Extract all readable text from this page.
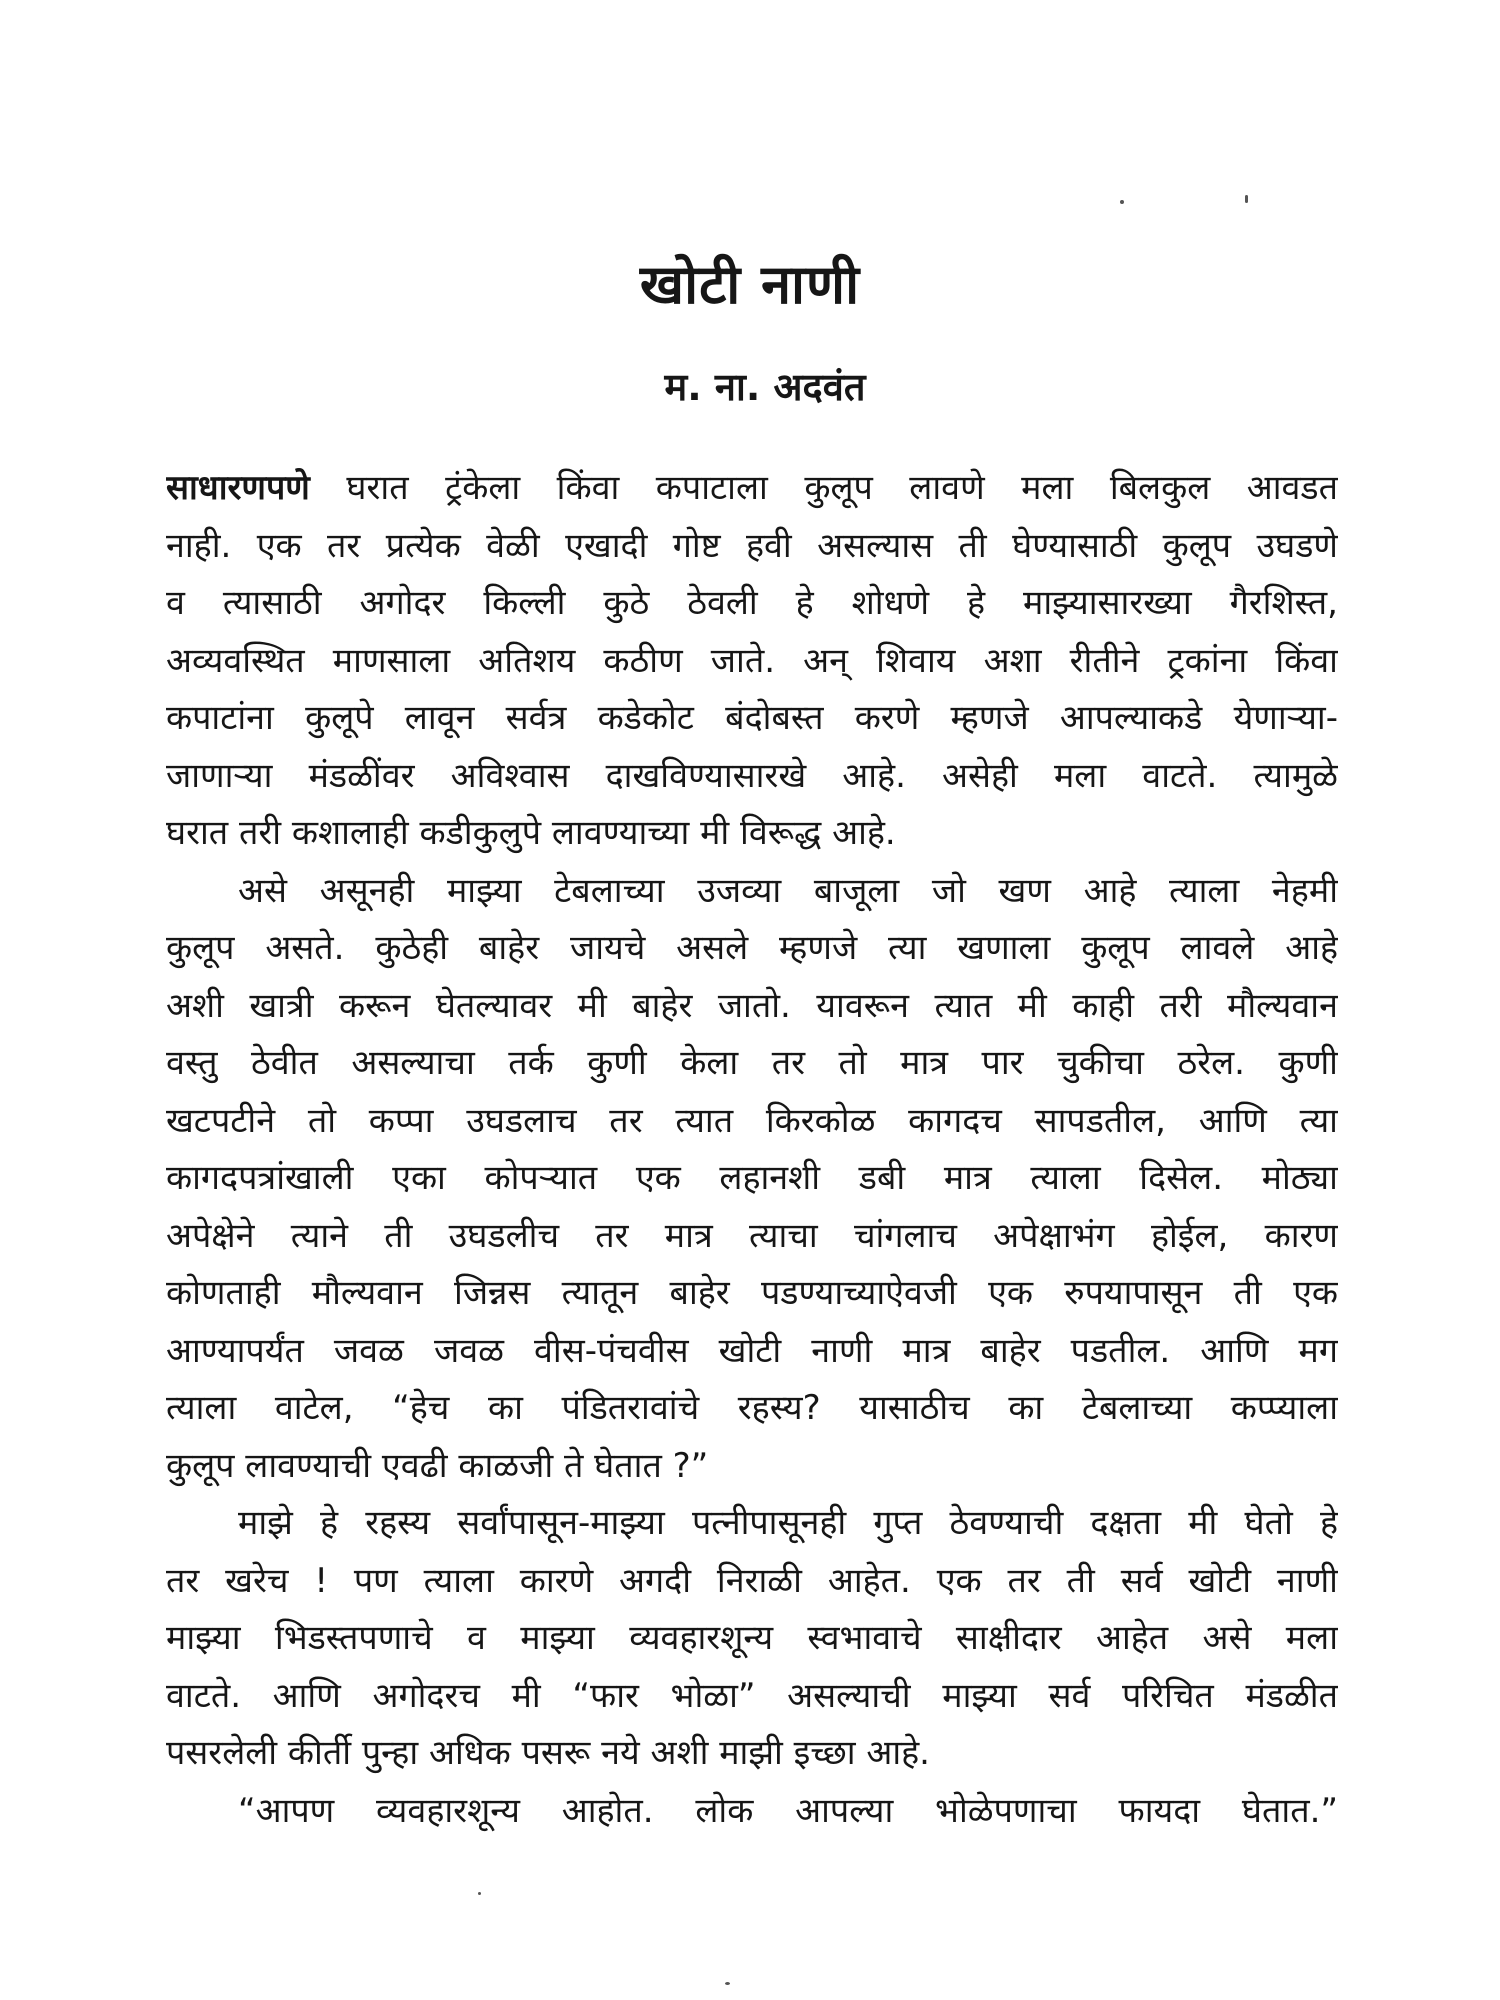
खोटी नाणी
म. ना. अदवंत
साधारणपणे घरात ट्रंकेला किंवा कपाटाला कुलूप लावणे मला बिलकुल आवडत
नाही. एक तर प्रत्येक वेळी एखादी गोष्ट हवी असल्यास ती घेण्यासाठी कुलूप उघडणे
व त्यासाठी अगोदर किल्ली कुठे ठेवली हे शोधणे हे माझ्यासारख्या गैरशिस्त,
अव्यवस्थित माणसाला अतिशय कठीण जाते. अन् शिवाय अशा रीतीने ट्रकांना किंवा
कपाटांना कुलूपे लावून सर्वत्र कडेकोट बंदोबस्त करणे म्हणजे आपल्याकडे येणाऱ्या-
जाणाऱ्या मंडळींवर अविश्वास दाखविण्यासारखे आहे. असेही मला वाटते. त्यामुळे
घरात तरी कशालाही कडीकुलुपे लावण्याच्या मी विरूद्ध आहे.
असे असूनही माझ्या टेबलाच्या उजव्या बाजूला जो खण आहे त्याला नेहमी
कुलूप असते. कुठेही बाहेर जायचे असले म्हणजे त्या खणाला कुलूप लावले आहे
अशी खात्री करून घेतल्यावर मी बाहेर जातो. यावरून त्यात मी काही तरी मौल्यवान
वस्तु ठेवीत असल्याचा तर्क कुणी केला तर तो मात्र पार चुकीचा ठरेल. कुणी
खटपटीने तो कप्पा उघडलाच तर त्यात किरकोळ कागदच सापडतील, आणि त्या
कागदपत्रांखाली एका कोपऱ्यात एक लहानशी डबी मात्र त्याला दिसेल. मोठ्या
अपेक्षेने त्याने ती उघडलीच तर मात्र त्याचा चांगलाच अपेक्षाभंग होईल, कारण
कोणताही मौल्यवान जिन्नस त्यातून बाहेर पडण्याच्याऐवजी एक रुपयापासून ती एक
आण्यापर्यंत जवळ जवळ वीस-पंचवीस खोटी नाणी मात्र बाहेर पडतील. आणि मग
त्याला वाटेल, “हेच का पंडितरावांचे रहस्य? यासाठीच का टेबलाच्या कप्प्याला
कुलूप लावण्याची एवढी काळजी ते घेतात ?”
माझे हे रहस्य सर्वांपासून-माझ्या पत्नीपासूनही गुप्त ठेवण्याची दक्षता मी घेतो हे
तर खरेच ! पण त्याला कारणे अगदी निराळी आहेत. एक तर ती सर्व खोटी नाणी
माझ्या भिडस्तपणाचे व माझ्या व्यवहारशून्य स्वभावाचे साक्षीदार आहेत असे मला
वाटते. आणि अगोदरच मी “फार भोळा” असल्याची माझ्या सर्व परिचित मंडळीत
पसरलेली कीर्ती पुन्हा अधिक पसरू नये अशी माझी इच्छा आहे.
“आपण व्यवहारशून्य आहोत. लोक आपल्या भोळेपणाचा फायदा घेतात.”
